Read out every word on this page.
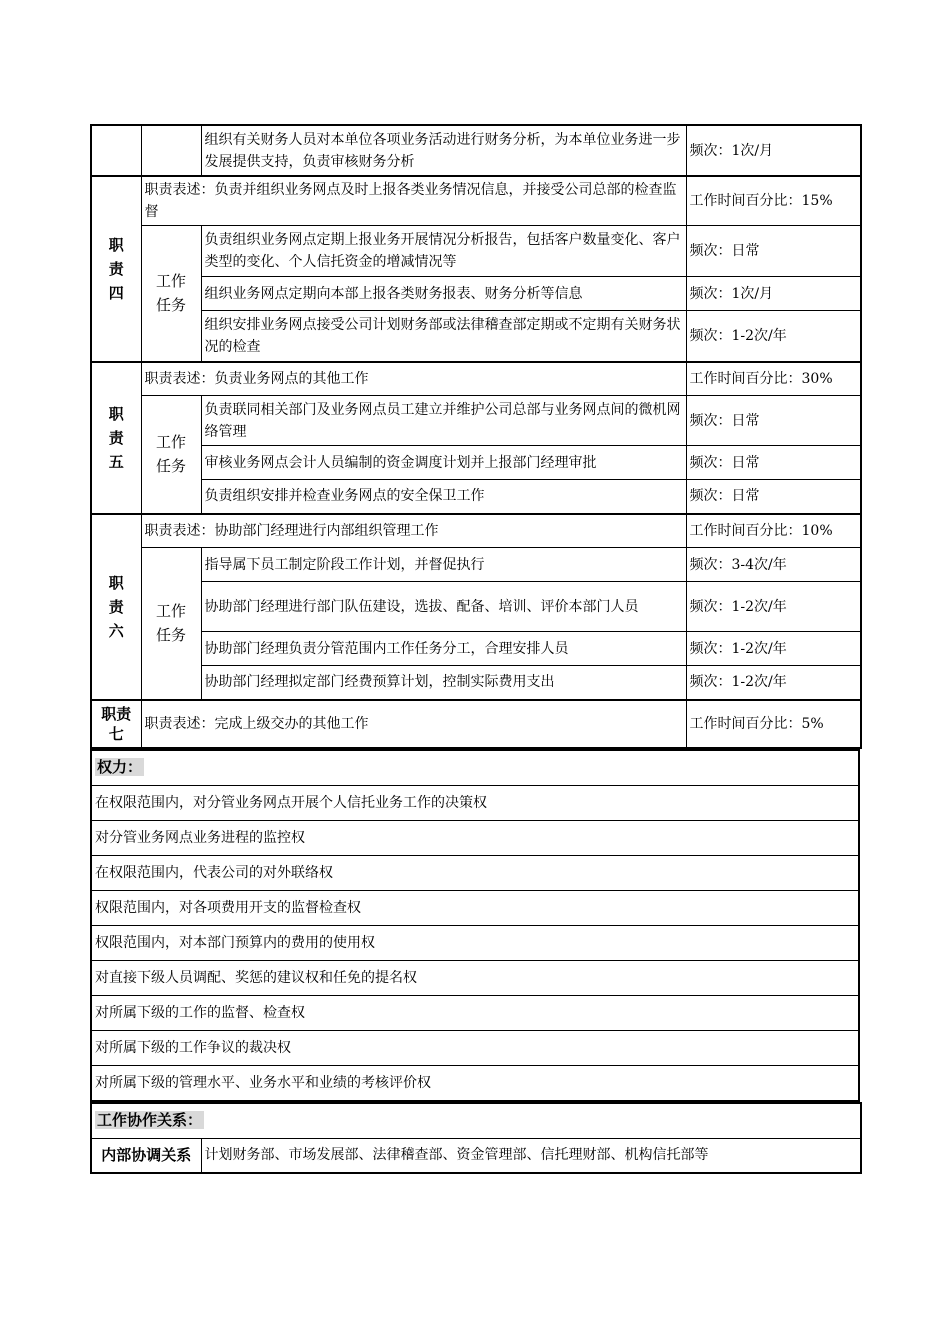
		组织有关财务人员对本单位各项业务活动进行财务分析，为本单位业务进一步发展提供支持，负责审核财务分析	频次：1次/月
职
责
四	职责表述：负责并组织业务网点及时上报各类业务情况信息，并接受公司总部的检查监督		工作时间百分比：15%
	工作
任务	负责组织业务网点定期上报业务开展情况分析报告，包括客户数量变化、客户类型的变化、个人信托资金的增减情况等	频次：日常
		组织业务网点定期向本部上报各类财务报表、财务分析等信息	频次：1次/月
		组织安排业务网点接受公司计划财务部或法律稽查部定期或不定期有关财务状况的检查	频次：1-2次/年
职
责
五	职责表述：负责业务网点的其他工作		工作时间百分比：30%
	工作
任务	负责联同相关部门及业务网点员工建立并维护公司总部与业务网点间的微机网络管理	频次：日常
		审核业务网点会计人员编制的资金调度计划并上报部门经理审批	频次：日常
		负责组织安排并检查业务网点的安全保卫工作	频次：日常
职
责
六	职责表述：协助部门经理进行内部组织管理工作		工作时间百分比：10%
	工作
任务	指导属下员工制定阶段工作计划，并督促执行	频次：3-4次/年
		协助部门经理进行部门队伍建设，选拔、配备、培训、评价本部门人员	频次：1-2次/年
		协助部门经理负责分管范围内工作任务分工，合理安排人员	频次：1-2次/年
		协助部门经理拟定部门经费预算计划，控制实际费用支出	频次：1-2次/年
职责
七	职责表述：完成上级交办的其他工作		工作时间百分比：5%
权力：
在权限范围内，对分管业务网点开展个人信托业务工作的决策权
对分管业务网点业务进程的监控权
在权限范围内，代表公司的对外联络权
权限范围内，对各项费用开支的监督检查权
权限范围内，对本部门预算内的费用的使用权
对直接下级人员调配、奖惩的建议权和任免的提名权
对所属下级的工作的监督、检查权
对所属下级的工作争议的裁决权
对所属下级的管理水平、业务水平和业绩的考核评价权
工作协作关系：
内部协调关系	计划财务部、市场发展部、法律稽查部、资金管理部、信托理财部、机构信托部等
